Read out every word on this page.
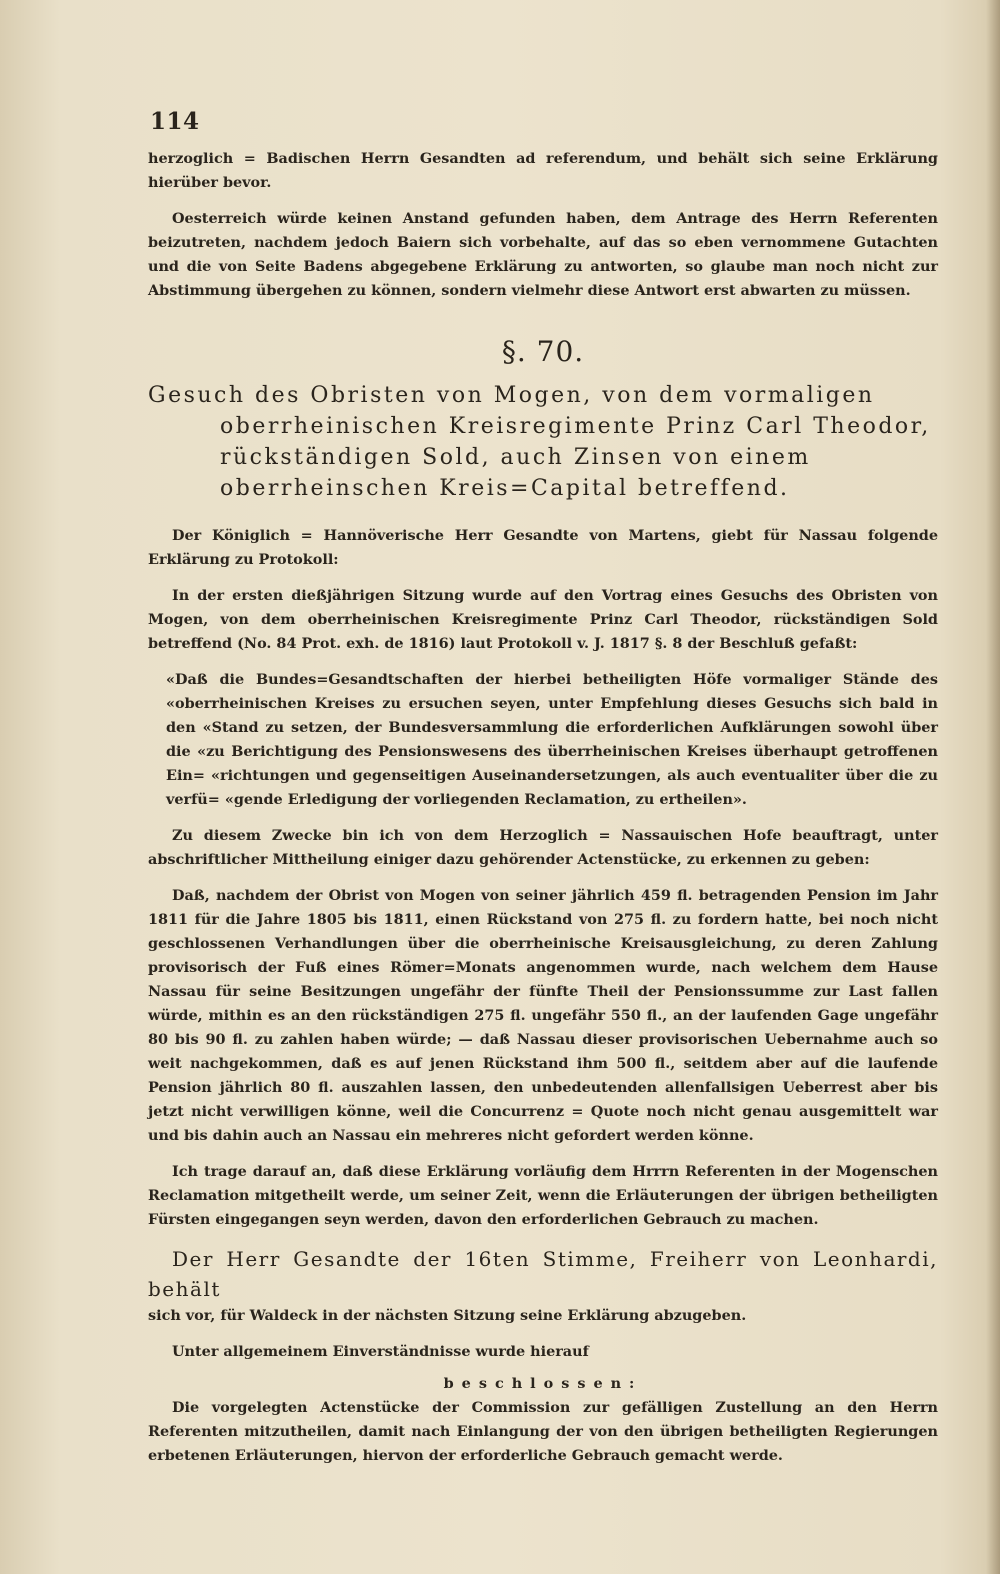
114

herzoglich = Badischen Herrn Gesandten ad referendum, und behält sich seine Erklärung hierüber bevor.

Oesterreich würde keinen Anstand gefunden haben, dem Antrage des Herrn Referenten beizutreten, nachdem jedoch Baiern sich vorbehalte, auf das so eben vernommene Gutachten und die von Seite Badens abgegebene Erklärung zu antworten, so glaube man noch nicht zur Abstimmung übergehen zu können, sondern vielmehr diese Antwort erst abwarten zu müssen.

§. 70.
Gesuch des Obristen von Mogen, von dem vormaligen oberrheinischen Kreisregimente Prinz Carl Theodor, rückständigen Sold, auch Zinsen von einem oberrheinschen Kreis=Capital betreffend.

Der Königlich = Hannöverische Herr Gesandte von Martens, giebt für Nassau folgende Erklärung zu Protokoll:

In der ersten dießjährigen Sitzung wurde auf den Vortrag eines Gesuchs des Obristen von Mogen, von dem oberrheinischen Kreisregimente Prinz Carl Theodor, rückständigen Sold betreffend (No. 84 Prot. exh. de 1816) laut Protokoll v. J. 1817 §. 8 der Beschluß gefaßt:

«Daß die Bundes=Gesandtschaften der hierbei betheiligten Höfe vormaliger Stände des «oberrheinischen Kreises zu ersuchen seyen, unter Empfehlung dieses Gesuchs sich bald in den «Stand zu setzen, der Bundesversammlung die erforderlichen Aufklärungen sowohl über die «zu Berichtigung des Pensionswesens des überrheinischen Kreises überhaupt getroffenen Ein= «richtungen und gegenseitigen Auseinandersetzungen, als auch eventualiter über die zu verfü= «gende Erledigung der vorliegenden Reclamation, zu ertheilen».

Zu diesem Zwecke bin ich von dem Herzoglich = Nassauischen Hofe beauftragt, unter abschriftlicher Mittheilung einiger dazu gehörender Actenstücke, zu erkennen zu geben:

Daß, nachdem der Obrist von Mogen von seiner jährlich 459 fl. betragenden Pension im Jahr 1811 für die Jahre 1805 bis 1811, einen Rückstand von 275 fl. zu fordern hatte, bei noch nicht geschlossenen Verhandlungen über die oberrheinische Kreisausgleichung, zu deren Zahlung provisorisch der Fuß eines Römer=Monats angenommen wurde, nach welchem dem Hause Nassau für seine Besitzungen ungefähr der fünfte Theil der Pensionssumme zur Last fallen würde, mithin es an den rückständigen 275 fl. ungefähr 550 fl., an der laufenden Gage ungefähr 80 bis 90 fl. zu zahlen haben würde; — daß Nassau dieser provisorischen Uebernahme auch so weit nachgekommen, daß es auf jenen Rückstand ihm 500 fl., seitdem aber auf die laufende Pension jährlich 80 fl. auszahlen lassen, den unbedeutenden allenfallsigen Ueberrest aber bis jetzt nicht verwilligen könne, weil die Concurrenz = Quote noch nicht genau ausgemittelt war und bis dahin auch an Nassau ein mehreres nicht gefordert werden könne.

Ich trage darauf an, daß diese Erklärung vorläufig dem Hrrrn Referenten in der Mogenschen Reclamation mitgetheilt werde, um seiner Zeit, wenn die Erläuterungen der übrigen betheiligten Fürsten eingegangen seyn werden, davon den erforderlichen Gebrauch zu machen.

Der Herr Gesandte der 16ten Stimme, Freiherr von Leonhardi, behält

sich vor, für Waldeck in der nächsten Sitzung seine Erklärung abzugeben.

Unter allgemeinem Einverständnisse wurde hierauf

beschlossen:

Die vorgelegten Actenstücke der Commission zur gefälligen Zustellung an den Herrn Referenten mitzutheilen, damit nach Einlangung der von den übrigen betheiligten Regierungen erbetenen Erläuterungen, hiervon der erforderliche Gebrauch gemacht werde.
